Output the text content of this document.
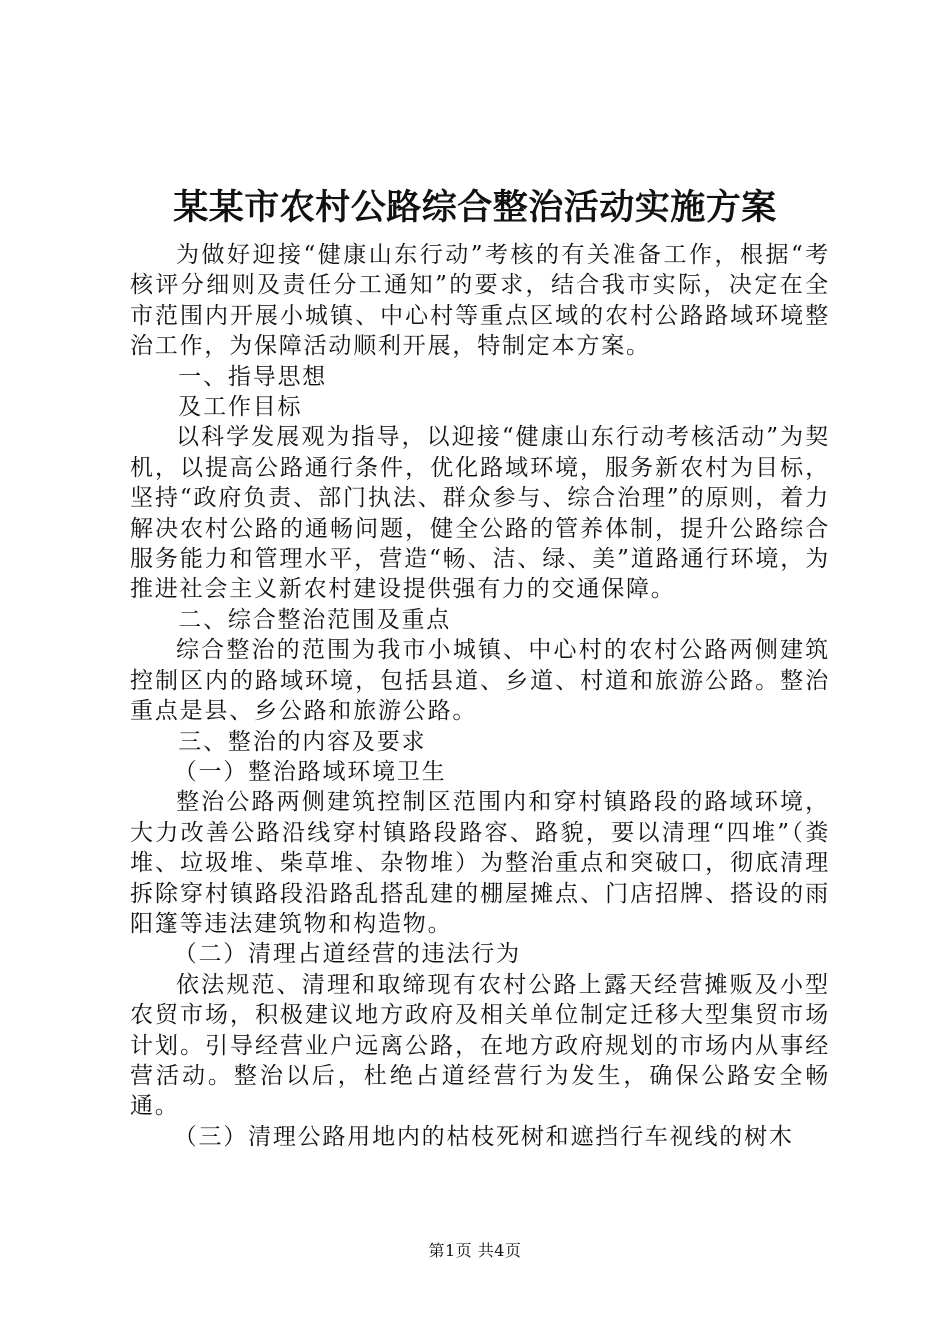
某某市农村公路综合整治活动实施方案

为做好迎接“健康山东行动”考核的有关准备工作，根据“考核评分细则及责任分工通知”的要求，结合我市实际，决定在全市范围内开展小城镇、中心村等重点区域的农村公路路域环境整治工作，为保障活动顺利开展，特制定本方案。

一、指导思想

及工作目标

以科学发展观为指导，以迎接“健康山东行动考核活动”为契机，以提高公路通行条件，优化路域环境，服务新农村为目标，坚持“政府负责、部门执法、群众参与、综合治理”的原则，着力解决农村公路的通畅问题，健全公路的管养体制，提升公路综合服务能力和管理水平，营造“畅、洁、绿、美”道路通行环境，为推进社会主义新农村建设提供强有力的交通保障。

二、综合整治范围及重点

综合整治的范围为我市小城镇、中心村的农村公路两侧建筑控制区内的路域环境，包括县道、乡道、村道和旅游公路。整治重点是县、乡公路和旅游公路。

三、整治的内容及要求

（一）整治路域环境卫生

整治公路两侧建筑控制区范围内和穿村镇路段的路域环境，大力改善公路沿线穿村镇路段路容、路貌，要以清理“四堆”（粪堆、垃圾堆、柴草堆、杂物堆）为整治重点和突破口，彻底清理拆除穿村镇路段沿路乱搭乱建的棚屋摊点、门店招牌、搭设的雨阳篷等违法建筑物和构造物。

（二）清理占道经营的违法行为

依法规范、清理和取缔现有农村公路上露天经营摊贩及小型农贸市场，积极建议地方政府及相关单位制定迁移大型集贸市场计划。引导经营业户远离公路，在地方政府规划的市场内从事经营活动。整治以后，杜绝占道经营行为发生，确保公路安全畅通。

（三）清理公路用地内的枯枝死树和遮挡行车视线的树木

第1页 共4页
